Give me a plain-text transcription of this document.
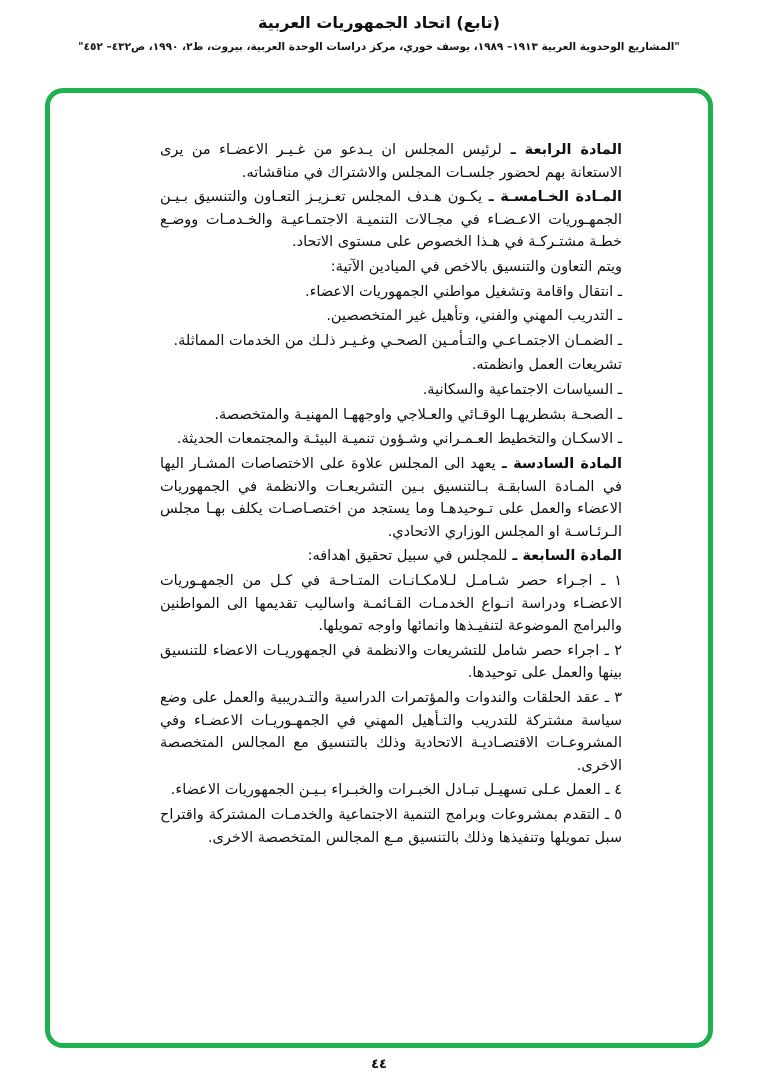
(تابع) اتحاد الجمهوريات العربية
"المشاريع الوحدوية العربية ١٩١٣– ١٩٨٩، يوسف خوري، مركز دراسات الوحدة العربية، بيروت، ط٢، ١٩٩٠، ص٤٣٢– ٤٥٢"
المادة الرابعة ـ لرئيس المجلس ان يـدعو من غـيـر الاعضـاء من يرى الاستعانة بهم لحضور جلسـات المجلس والاشتراك في مناقشاته.
المـادة الخـامسـة ـ يكـون هـدف المجلس تعـزيـز التعـاون والتنسيق بـيـن الجمهـوريات الاعـضـاء في مجـالات التنميـة الاجتمـاعيـة والخـدمـات ووضـع خطـة مشتـركـة في هـذا الخصوص على مستوى الاتحاد.
ويتم التعاون والتنسيق بالاخص في الميادين الآتية:
ـ انتقال واقامة وتشغيل مواطني الجمهوريات الاعضاء.
ـ التدريب المهني والفني، وتأهيل غير المتخصصين.
ـ الضمـان الاجتمـاعـي والتـأمـين الصحـي وغـيـر ذلـك من الخدمات المماثلة.
تشريعات العمل وانظمته.
ـ السياسات الاجتماعية والسكانية.
ـ الصحـة بشطريهـا الوقـائي والعـلاجي واوجههـا المهنيـة والمتخصصة.
ـ الاسكـان والتخطيط العـمـراني وشـؤون تنميـة البيئـة والمجتمعات الحديثة.
المادة السادسة ـ يعهد الى المجلس علاوة على الاختصاصات المشـار اليها في المـادة السابقـة بـالتنسيق بـين التشريعـات والانظمة في الجمهوريات الاعضاء والعمل على تـوحيدهـا وما يستجد من اختصـاصـات يكلف بهـا مجلس الـرئـاسـة او المجلس الوزاري الاتحادي.
المادة السابعة ـ للمجلس في سبيل تحقيق اهدافه:
١ ـ اجـراء حصر شـامـل لـلامكـانـات المتـاحـة في كـل من الجمهـوريات الاعضـاء ودراسة انـواع الخدمـات القـائمـة واساليب تقديمها الى المواطنين والبرامج الموضوعة لتنفيـذها وانمائها واوجه تمويلها.
٢ ـ اجراء حصر شامل للتشريعات والانظمة في الجمهوريـات الاعضاء للتنسيق بينها والعمل على توحيدها.
٣ ـ عقد الحلقات والندوات والمؤتمرات الدراسية والتـدريبية والعمل على وضع سياسة مشتركة للتدريب والتـأهيل المهني في الجمهـوريـات الاعضـاء وفي المشروعـات الاقتصـاديـة الاتحادية وذلك بالتنسيق مع المجالس المتخصصة الاخرى.
٤ ـ العمل عـلى تسهيـل تبـادل الخبـرات والخبـراء بـيـن الجمهوريات الاعضاء.
٥ ـ التقدم بمشروعات وبرامج التنمية الاجتماعية والخدمـات المشتركة واقتراح سبل تمويلها وتنفيذها وذلك بالتنسيق مـع المجالس المتخصصة الاخرى.
٤٤
